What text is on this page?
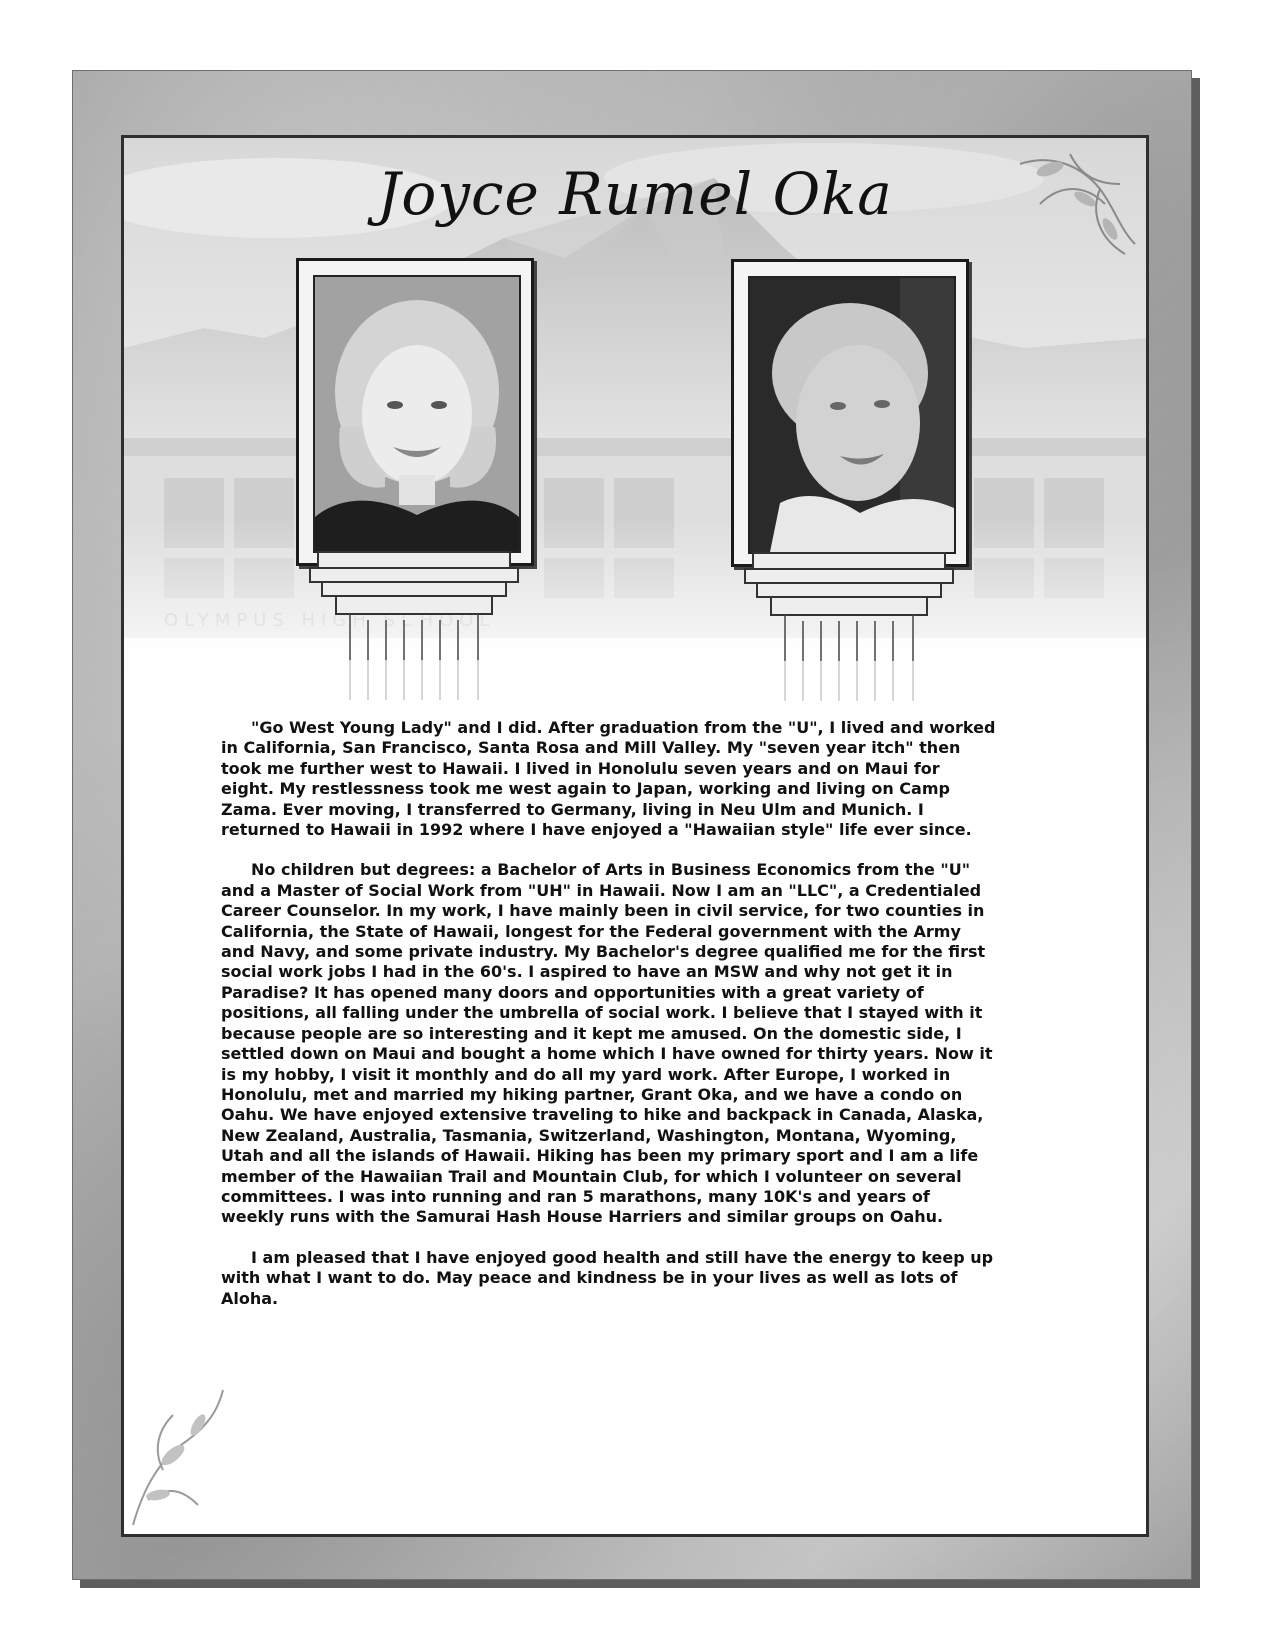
Joyce Rumel Oka

"Go West Young Lady" and I did. After graduation from the "U", I lived and worked in California, San Francisco, Santa Rosa and Mill Valley. My "seven year itch" then took me further west to Hawaii. I lived in Honolulu seven years and on Maui for eight. My restlessness took me west again to Japan, working and living on Camp Zama. Ever moving, I transferred to Germany, living in Neu Ulm and Munich. I returned to Hawaii in 1992 where I have enjoyed a "Hawaiian style" life ever since.

No children but degrees: a Bachelor of Arts in Business Economics from the "U" and a Master of Social Work from "UH" in Hawaii. Now I am an "LLC", a Credentialed Career Counselor. In my work, I have mainly been in civil service, for two counties in California, the State of Hawaii, longest for the Federal government with the Army and Navy, and some private industry. My Bachelor's degree qualified me for the first social work jobs I had in the 60's. I aspired to have an MSW and why not get it in Paradise? It has opened many doors and opportunities with a great variety of positions, all falling under the umbrella of social work. I believe that I stayed with it because people are so interesting and it kept me amused. On the domestic side, I settled down on Maui and bought a home which I have owned for thirty years. Now it is my hobby, I visit it monthly and do all my yard work. After Europe, I worked in Honolulu, met and married my hiking partner, Grant Oka, and we have a condo on Oahu. We have enjoyed extensive traveling to hike and backpack in Canada, Alaska, New Zealand, Australia, Tasmania, Switzerland, Washington, Montana, Wyoming, Utah and all the islands of Hawaii. Hiking has been my primary sport and I am a life member of the Hawaiian Trail and Mountain Club, for which I volunteer on several committees. I was into running and ran 5 marathons, many 10K's and years of weekly runs with the Samurai Hash House Harriers and similar groups on Oahu.

I am pleased that I have enjoyed good health and still have the energy to keep up with what I want to do. May peace and kindness be in your lives as well as lots of Aloha.
